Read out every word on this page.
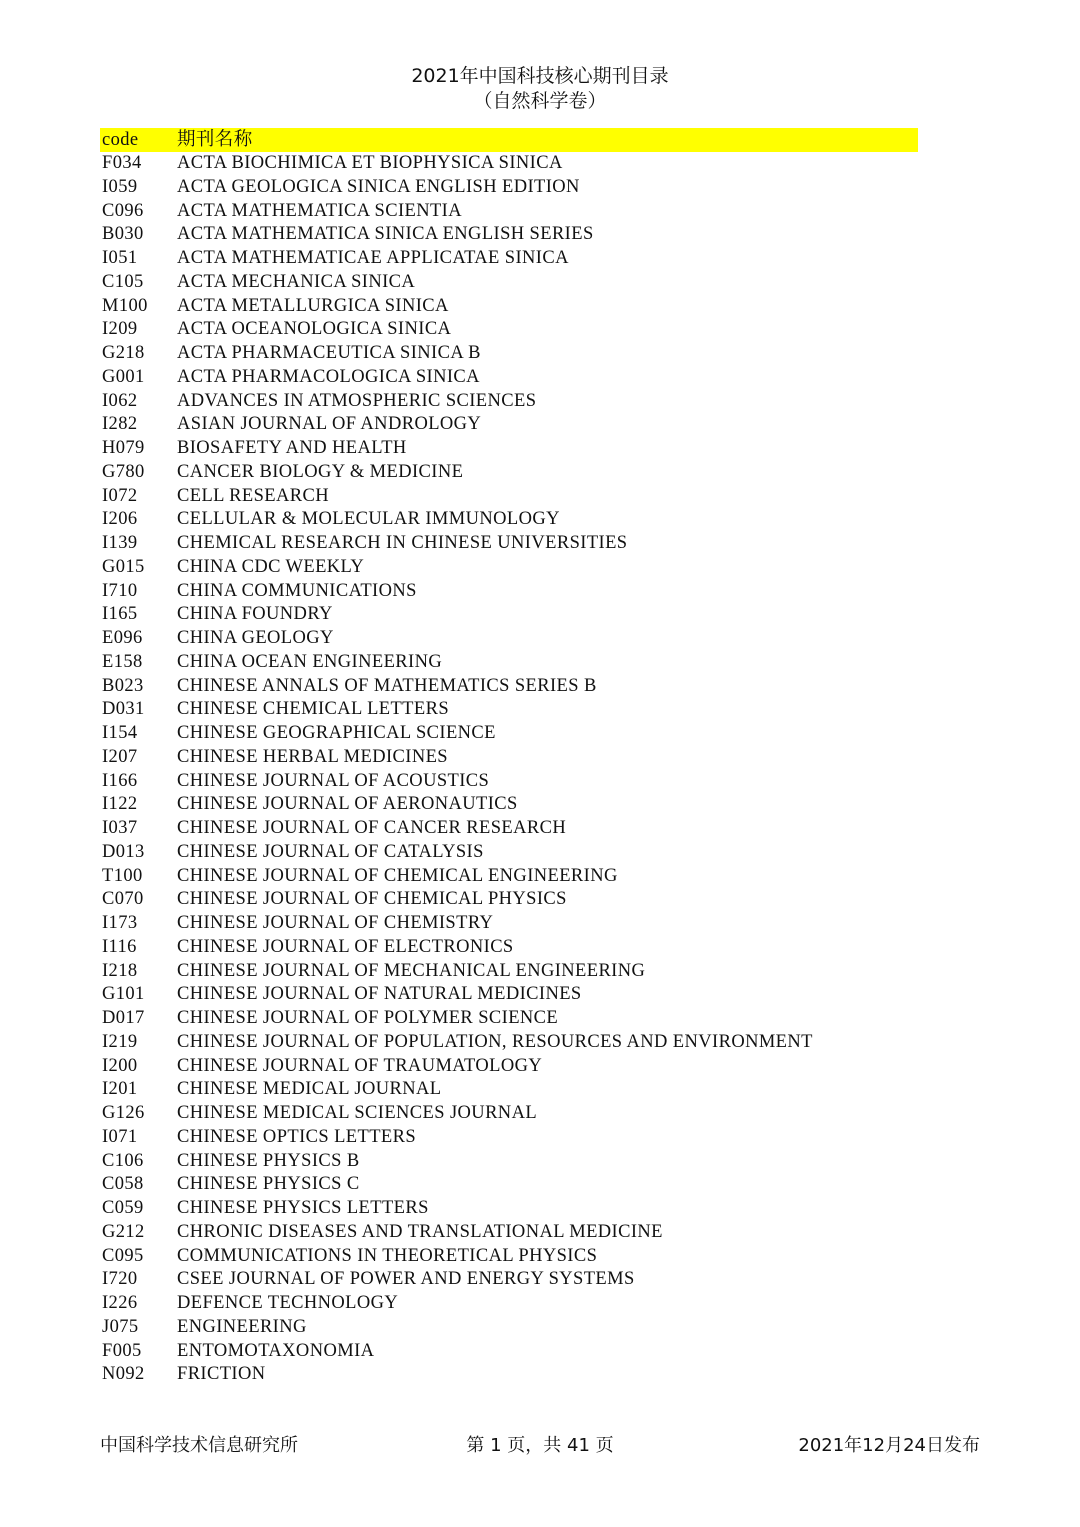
2021年中国科技核心期刊目录
（自然科学卷）
code	期刊名称
F034	ACTA BIOCHIMICA ET BIOPHYSICA SINICA
I059	ACTA GEOLOGICA SINICA ENGLISH EDITION
C096	ACTA MATHEMATICA SCIENTIA
B030	ACTA MATHEMATICA SINICA ENGLISH SERIES
I051	ACTA MATHEMATICAE APPLICATAE SINICA
C105	ACTA MECHANICA SINICA
M100	ACTA METALLURGICA SINICA
I209	ACTA OCEANOLOGICA SINICA
G218	ACTA PHARMACEUTICA SINICA B
G001	ACTA PHARMACOLOGICA SINICA
I062	ADVANCES IN ATMOSPHERIC SCIENCES
I282	ASIAN JOURNAL OF ANDROLOGY
H079	BIOSAFETY AND HEALTH
G780	CANCER BIOLOGY & MEDICINE
I072	CELL RESEARCH
I206	CELLULAR & MOLECULAR IMMUNOLOGY
I139	CHEMICAL RESEARCH IN CHINESE UNIVERSITIES
G015	CHINA CDC WEEKLY
I710	CHINA COMMUNICATIONS
I165	CHINA FOUNDRY
E096	CHINA GEOLOGY
E158	CHINA OCEAN ENGINEERING
B023	CHINESE ANNALS OF MATHEMATICS SERIES B
D031	CHINESE CHEMICAL LETTERS
I154	CHINESE GEOGRAPHICAL SCIENCE
I207	CHINESE HERBAL MEDICINES
I166	CHINESE JOURNAL OF ACOUSTICS
I122	CHINESE JOURNAL OF AERONAUTICS
I037	CHINESE JOURNAL OF CANCER RESEARCH
D013	CHINESE JOURNAL OF CATALYSIS
T100	CHINESE JOURNAL OF CHEMICAL ENGINEERING
C070	CHINESE JOURNAL OF CHEMICAL PHYSICS
I173	CHINESE JOURNAL OF CHEMISTRY
I116	CHINESE JOURNAL OF ELECTRONICS
I218	CHINESE JOURNAL OF MECHANICAL ENGINEERING
G101	CHINESE JOURNAL OF NATURAL MEDICINES
D017	CHINESE JOURNAL OF POLYMER SCIENCE
I219	CHINESE JOURNAL OF POPULATION, RESOURCES AND ENVIRONMENT
I200	CHINESE JOURNAL OF TRAUMATOLOGY
I201	CHINESE MEDICAL JOURNAL
G126	CHINESE MEDICAL SCIENCES JOURNAL
I071	CHINESE OPTICS LETTERS
C106	CHINESE PHYSICS B
C058	CHINESE PHYSICS C
C059	CHINESE PHYSICS LETTERS
G212	CHRONIC DISEASES AND TRANSLATIONAL MEDICINE
C095	COMMUNICATIONS IN THEORETICAL PHYSICS
I720	CSEE JOURNAL OF POWER AND ENERGY SYSTEMS
I226	DEFENCE TECHNOLOGY
J075	ENGINEERING
F005	ENTOMOTAXONOMIA
N092	FRICTION
中国科学技术信息研究所	第 1 页，共 41 页	2021年12月24日发布
